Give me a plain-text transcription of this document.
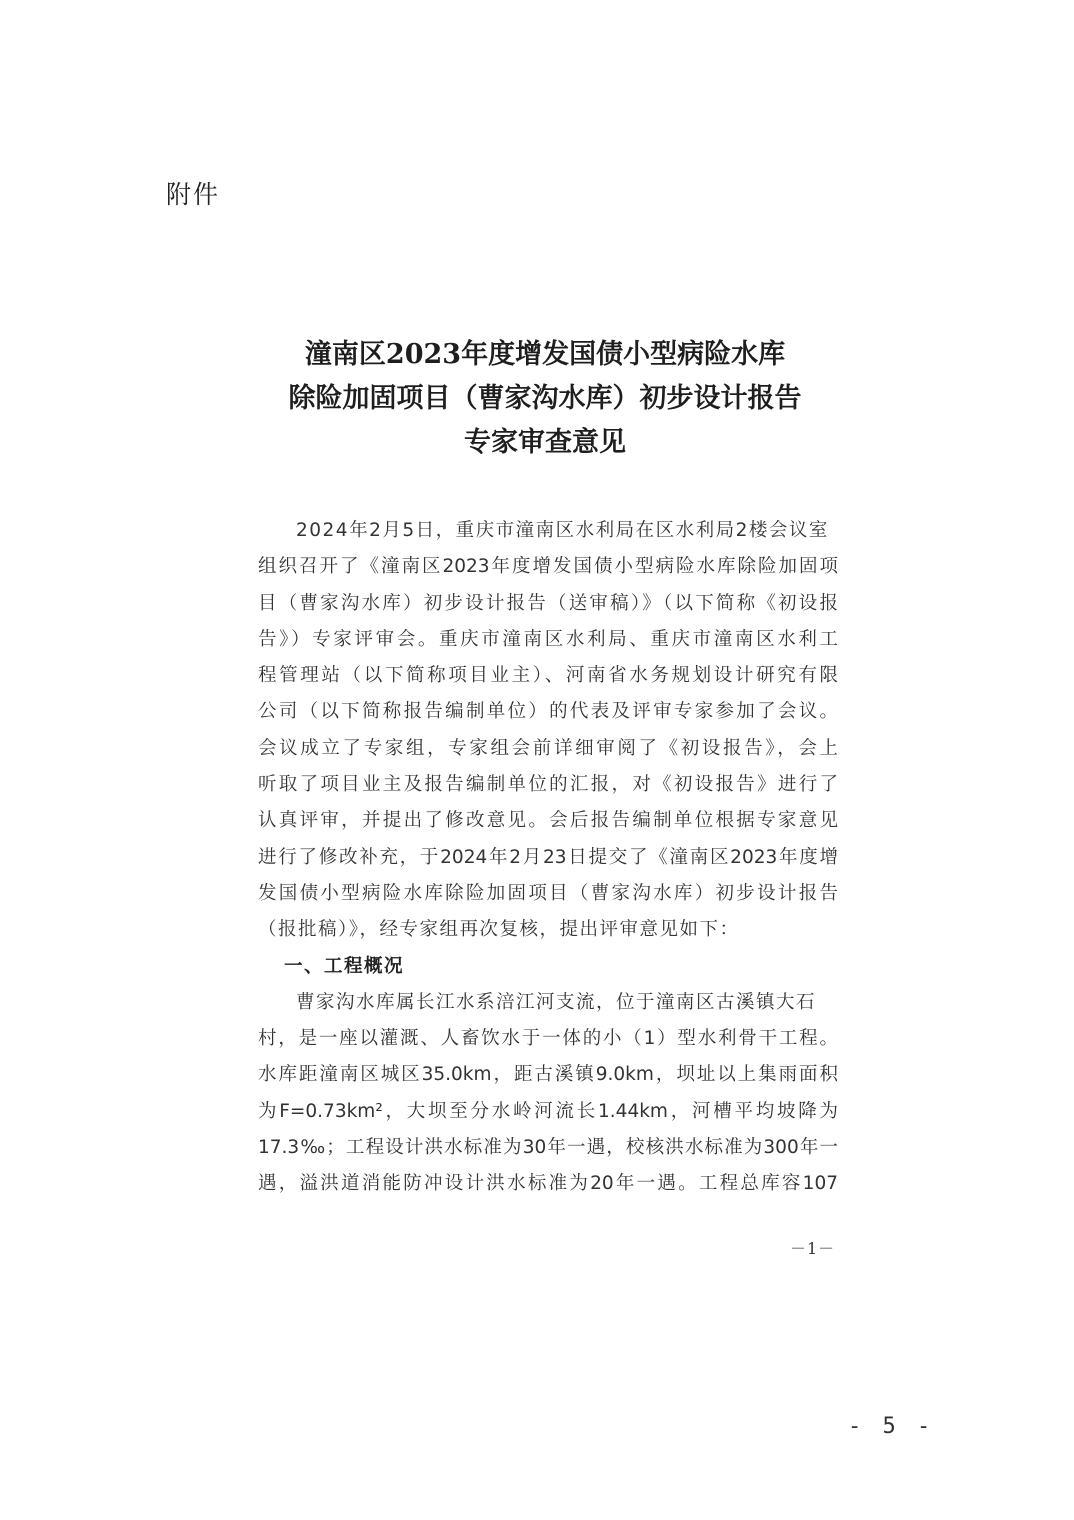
附件
潼南区2023年度增发国债小型病险水库
除险加固项目（曹家沟水库）初步设计报告
专家审查意见
2024年2月5日，重庆市潼南区水利局在区水利局2楼会议室
组织召开了《潼南区2023年度增发国债小型病险水库除险加固项
目（曹家沟水库）初步设计报告（送审稿）》（以下简称《初设报
告》）专家评审会。重庆市潼南区水利局、重庆市潼南区水利工
程管理站（以下简称项目业主）、河南省水务规划设计研究有限
公司（以下简称报告编制单位）的代表及评审专家参加了会议。
会议成立了专家组，专家组会前详细审阅了《初设报告》，会上
听取了项目业主及报告编制单位的汇报，对《初设报告》进行了
认真评审，并提出了修改意见。会后报告编制单位根据专家意见
进行了修改补充，于2024年2月23日提交了《潼南区2023年度增
发国债小型病险水库除险加固项目（曹家沟水库）初步设计报告
（报批稿）》，经专家组再次复核，提出评审意见如下：
一、工程概况
曹家沟水库属长江水系涪江河支流，位于潼南区古溪镇大石
村，是一座以灌溉、人畜饮水于一体的小（1）型水利骨干工程。
水库距潼南区城区35.0km，距古溪镇9.0km，坝址以上集雨面积
为F=0.73km²，大坝至分水岭河流长1.44km，河槽平均坡降为
17.3‰；工程设计洪水标准为30年一遇，校核洪水标准为300年一
遇，溢洪道消能防冲设计洪水标准为20年一遇。工程总库容107
－1－
- 5 -
